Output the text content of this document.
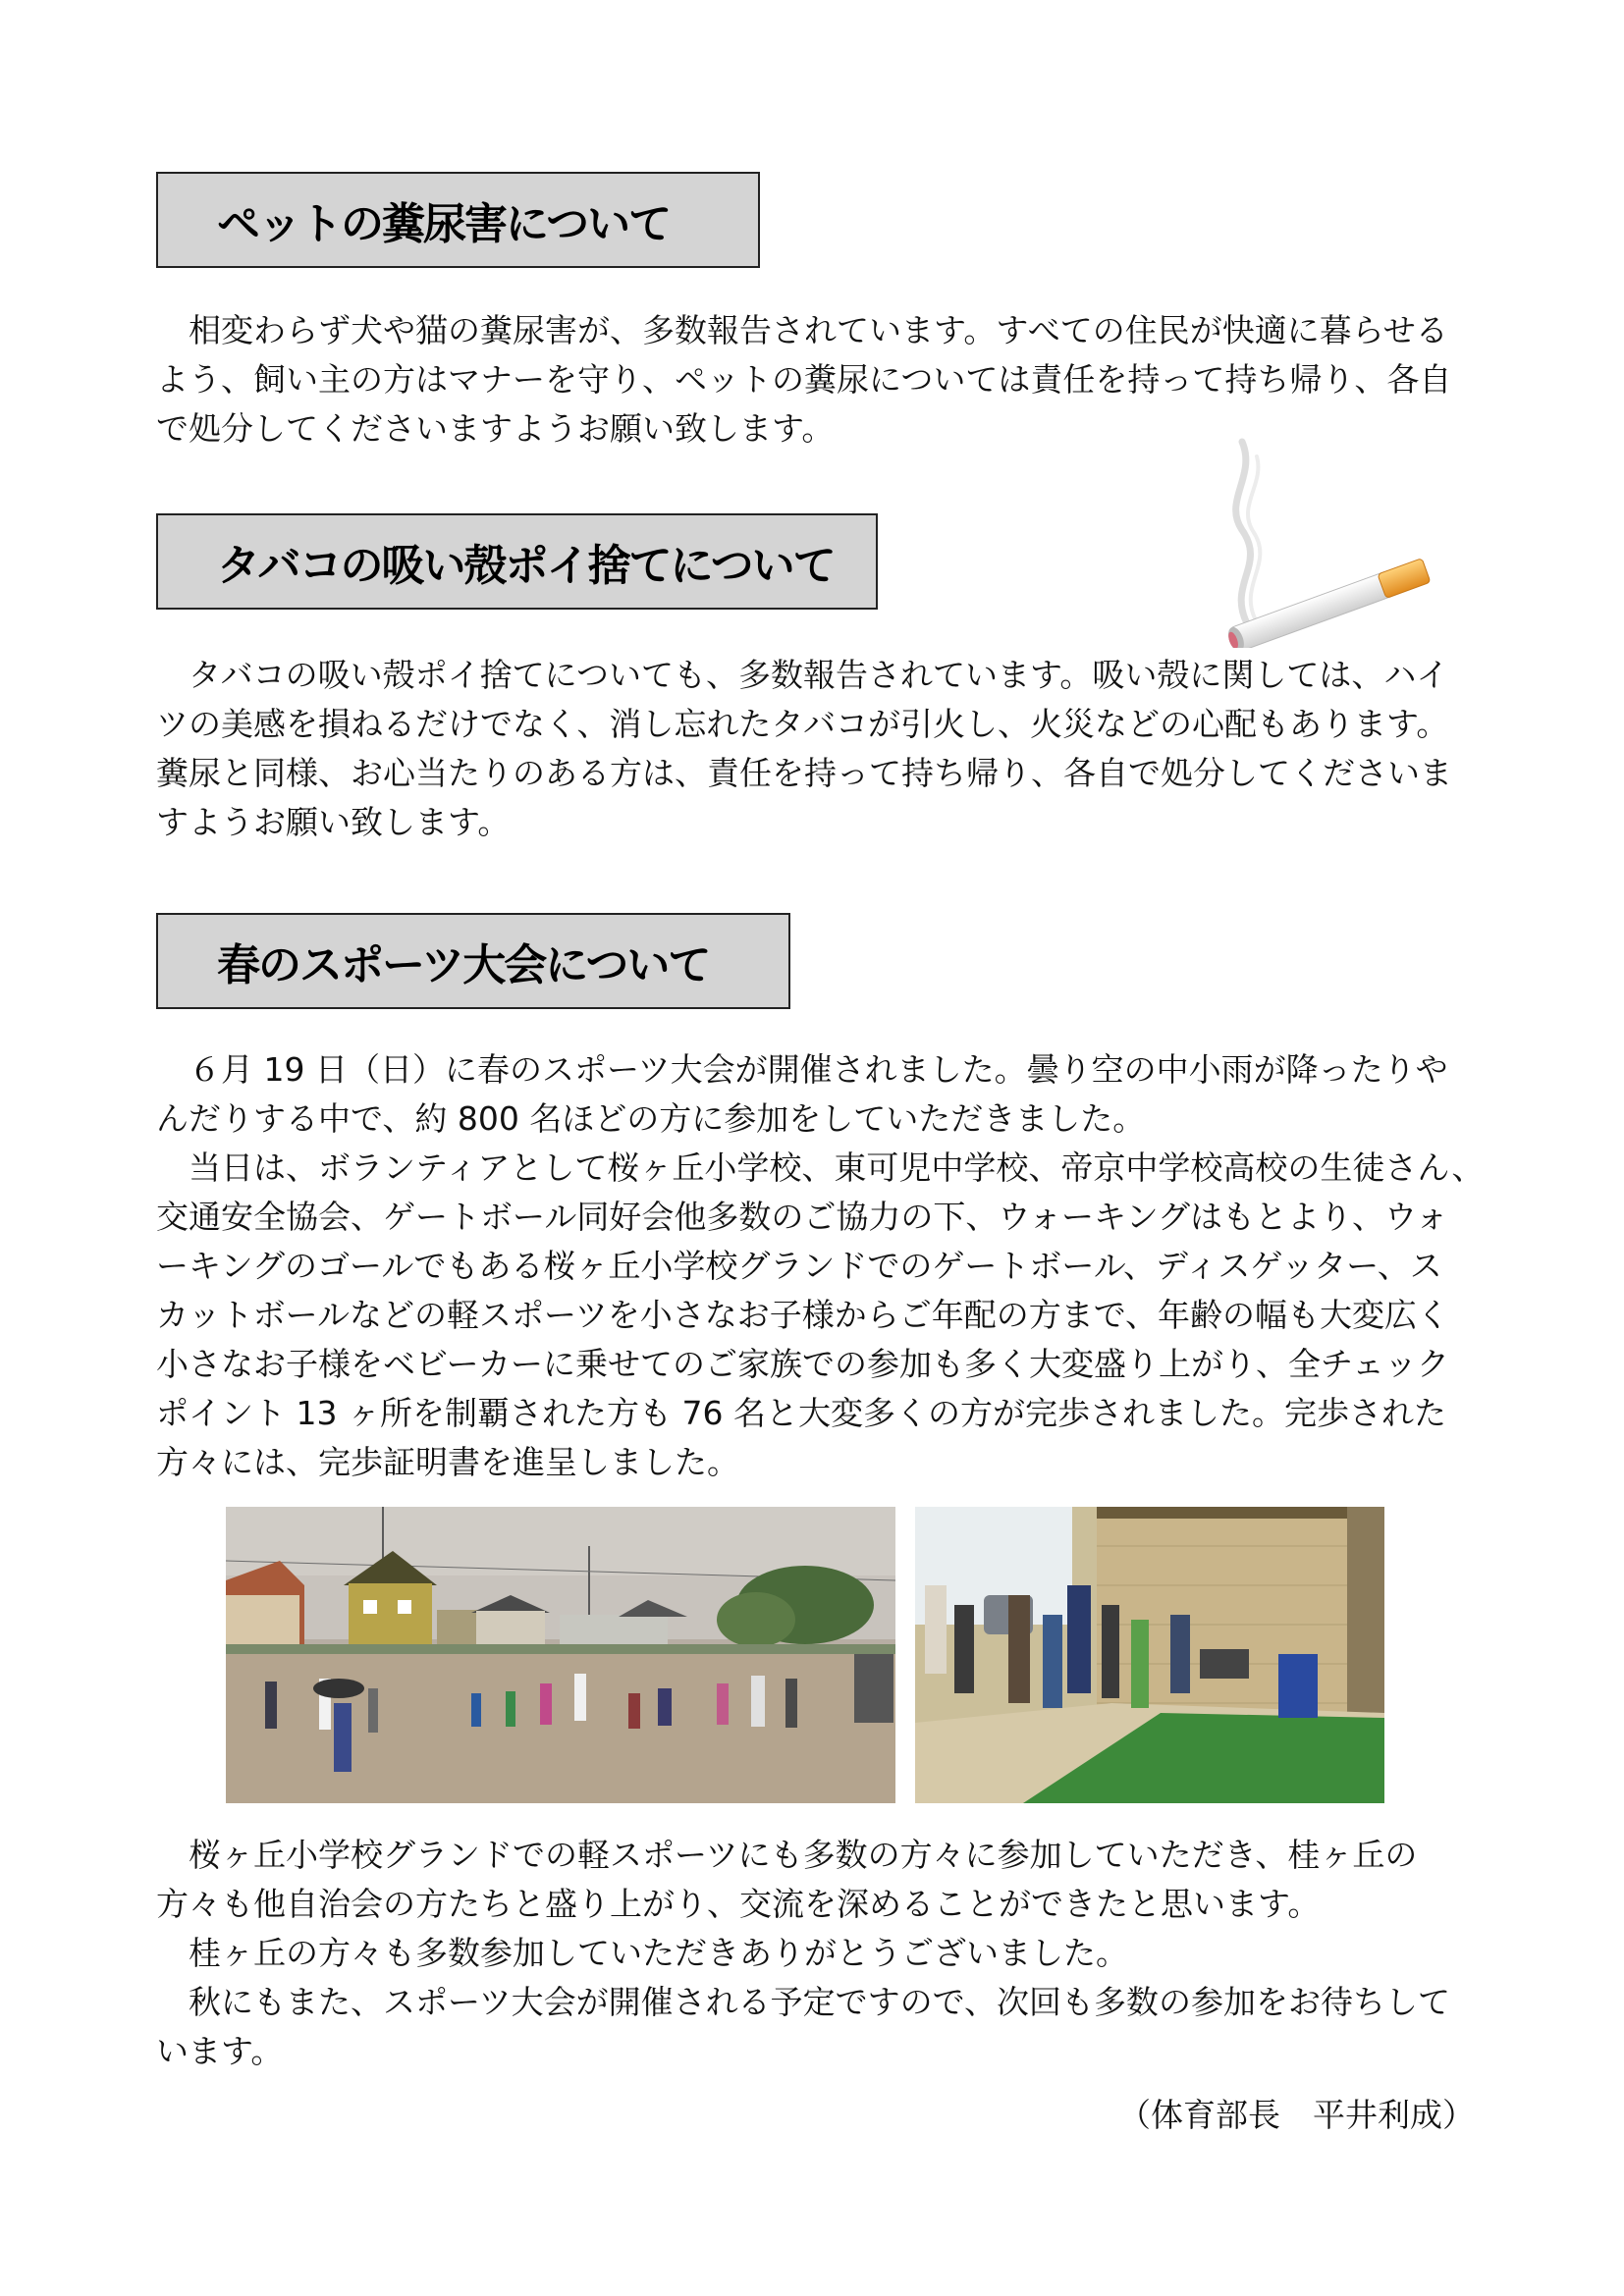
ペットの糞尿害について

相変わらず犬や猫の糞尿害が、多数報告されています。すべての住民が快適に暮らせる
よう、飼い主の方はマナーを守り、ペットの糞尿については責任を持って持ち帰り、各自
で処分してくださいますようお願い致します。

タバコの吸い殻ポイ捨てについて

タバコの吸い殻ポイ捨てについても、多数報告されています。吸い殻に関しては、ハイ
ツの美感を損ねるだけでなく、消し忘れたタバコが引火し、火災などの心配もあります。
糞尿と同様、お心当たりのある方は、責任を持って持ち帰り、各自で処分してくださいま
すようお願い致します。

春のスポーツ大会について

６月 19 日（日）に春のスポーツ大会が開催されました。曇り空の中小雨が降ったりや
んだりする中で、約 800 名ほどの方に参加をしていただきました。
当日は、ボランティアとして桜ヶ丘小学校、東可児中学校、帝京中学校高校の生徒さん、
交通安全協会、ゲートボール同好会他多数のご協力の下、ウォーキングはもとより、ウォ
ーキングのゴールでもある桜ヶ丘小学校グランドでのゲートボール、ディスゲッター、ス
カットボールなどの軽スポーツを小さなお子様からご年配の方まで、年齢の幅も大変広く
小さなお子様をベビーカーに乗せてのご家族での参加も多く大変盛り上がり、全チェック
ポイント 13 ヶ所を制覇された方も 76 名と大変多くの方が完歩されました。完歩された
方々には、完歩証明書を進呈しました。

桜ヶ丘小学校グランドでの軽スポーツにも多数の方々に参加していただき、桂ヶ丘の
方々も他自治会の方たちと盛り上がり、交流を深めることができたと思います。
桂ヶ丘の方々も多数参加していただきありがとうございました。
秋にもまた、スポーツ大会が開催される予定ですので、次回も多数の参加をお待ちして
います。

（体育部長　平井利成）
